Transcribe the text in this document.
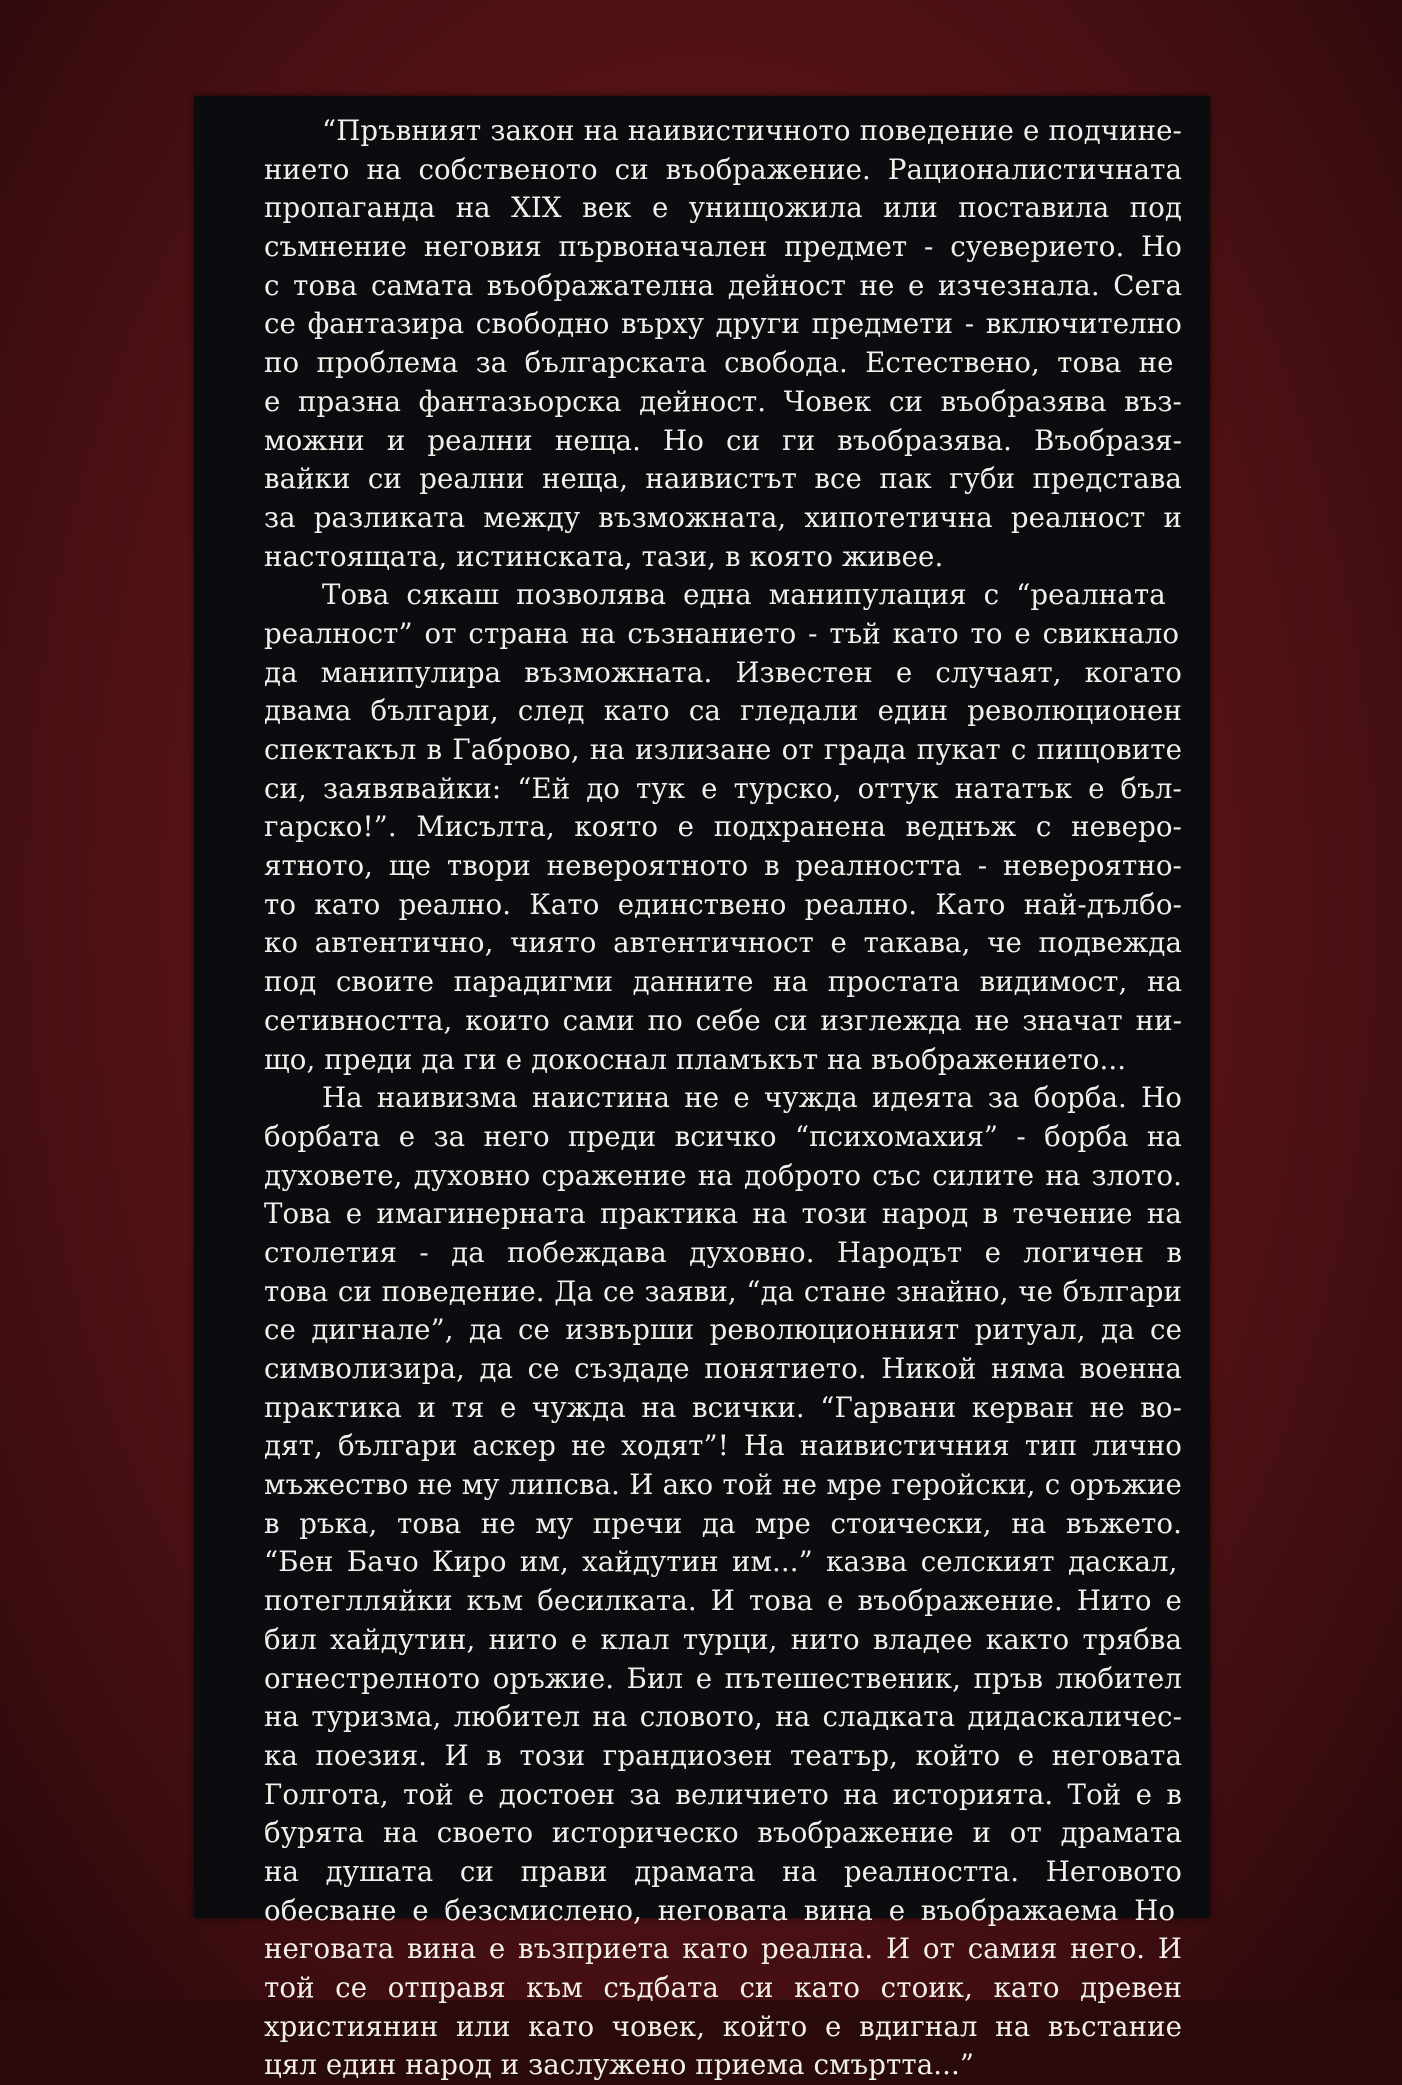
“Пръвният закон на наивистичното поведение е подчине-
нието на собственото си въображение. Рационалистичната
пропаганда на XIX век е унищожила или поставила под
съмнение неговия първоначален предмет - суеверието. Но
с това самата въображателна дейност не е изчезнала. Сега
се фантазира свободно върху други предмети - включително
по проблема за българската свобода. Естествено, това не
е празна фантазьорска дейност. Човек си въобразява въз-
можни и реални неща. Но си ги въобразява. Въобразя-
вайки си реални неща, наивистът все пак губи представа
за разликата между възможната, хипотетична реалност и
настоящата, истинската, тази, в която живее.
Това сякаш позволява една манипулация с “реалната
реалност” от страна на съзнанието - тъй като то е свикнало
да манипулира възможната. Известен е случаят, когато
двама българи, след като са гледали един революционен
спектакъл в Габрово, на излизане от града пукат с пищовите
си, заявявайки: “Ей до тук е турско, оттук нататък е бъл-
гарско!”. Мисълта, която е подхранена веднъж с неверо-
ятното, ще твори невероятното в реалността - невероятно-
то като реално. Като единствено реално. Като най-дълбо-
ко автентично, чиято автентичност е такава, че подвежда
под своите парадигми данните на простата видимост, на
сетивността, които сами по себе си изглежда не значат ни-
що, преди да ги е докоснал пламъкът на въображението...
На наивизма наистина не е чужда идеята за борба. Но
борбата е за него преди всичко “психомахия” - борба на
духовете, духовно сражение на доброто със силите на злото.
Това е имагинерната практика на този народ в течение на
столетия - да побеждава духовно. Народът е логичен в
това си поведение. Да се заяви, “да стане знайно, че българи
се дигнале”, да се извърши революционният ритуал, да се
символизира, да се създаде понятието. Никой няма военна
практика и тя е чужда на всички. “Гарвани керван не во-
дят, българи аскер не ходят”! На наивистичния тип лично
мъжество не му липсва. И ако той не мре геройски, с оръжие
в ръка, това не му пречи да мре стоически, на въжето.
“Бен Бачо Киро им, хайдутин им...” казва селският даскал,
потеглляйки към бесилката. И това е въображение. Нито е
бил хайдутин, нито е клал турци, нито владее както трябва
огнестрелното оръжие. Бил е пътешественик, пръв любител
на туризма, любител на словото, на сладката дидаскаличес-
ка поезия. И в този грандиозен театър, който е неговата
Голгота, той е достоен за величието на историята. Той е в
бурята на своето историческо въображение и от драмата
на душата си прави драмата на реалността. Неговото
обесване е безсмислено, неговата вина е въображаема Но
неговата вина е възприета като реална. И от самия него. И
той се отправя към съдбата си като стоик, като древен
християнин или като човек, който е вдигнал на въстание
цял един народ и заслужено приема смъртта...”
